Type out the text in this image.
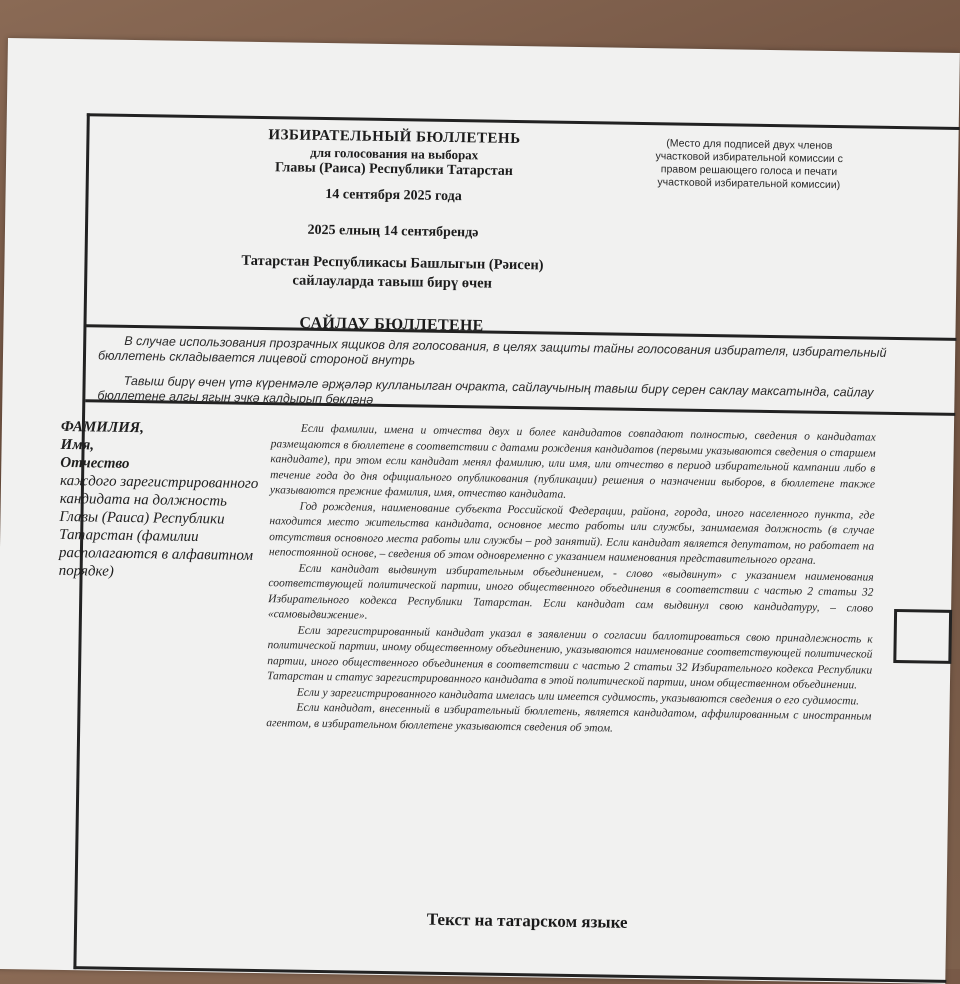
ИЗБИРАТЕЛЬНЫЙ БЮЛЛЕТЕНЬ
для голосования на выборах
Главы (Раиса) Республики Татарстан
14 сентября 2025 года
2025 елның 14 сентябрендә
Татарстан Республикасы Башлыгын (Рәисен)
сайлауларда тавыш бирү өчен
САЙЛАУ БЮЛЛЕТЕНЕ
(Место для подписей двух членов участковой избирательной комиссии с правом решающего голоса и печати участковой избирательной комиссии)

В случае использования прозрачных ящиков для голосования, в целях защиты тайны голосования избирателя, избирательный бюллетень складывается лицевой стороной внутрь

Тавыш бирү өчен үтә күренмәле әрҗәләр кулланылган очракта, сайлаучының тавыш бирү серен саклау максатында, сайлау бюллетене алгы ягын эчкә калдырып бөкләнә

ФАМИЛИЯ,
Имя,
Отчество
каждого зарегистрированного кандидата на должность Главы (Раиса) Республики Татарстан (фамилии располагаются в алфавитном порядке)

Если фамилии, имена и отчества двух и более кандидатов совпадают полностью, сведения о кандидатах размещаются в бюллетене в соответствии с датами рождения кандидатов (первыми указываются сведения о старшем кандидате), при этом если кандидат менял фамилию, или имя, или отчество в период избирательной кампании либо в течение года до дня официального опубликования (публикации) решения о назначении выборов, в бюллетене также указываются прежние фамилия, имя, отчество кандидата.

Год рождения, наименование субъекта Российской Федерации, района, города, иного населенного пункта, где находится место жительства кандидата, основное место работы или службы, занимаемая должность (в случае отсутствия основного места работы или службы – род занятий). Если кандидат является депутатом, но работает на непостоянной основе, – сведения об этом одновременно с указанием наименования представительного органа.

Если кандидат выдвинут избирательным объединением, - слово «выдвинут» с указанием наименования соответствующей политической партии, иного общественного объединения в соответствии с частью 2 статьи 32 Избирательного кодекса Республики Татарстан. Если кандидат сам выдвинул свою кандидатуру, – слово «самовыдвижение».

Если зарегистрированный кандидат указал в заявлении о согласии баллотироваться свою принадлежность к политической партии, иному общественному объединению, указываются наименование соответствующей политической партии, иного общественного объединения в соответствии с частью 2 статьи 32 Избирательного кодекса Республики Татарстан и статус зарегистрированного кандидата в этой политической партии, ином общественном объединении.

Если у зарегистрированного кандидата имелась или имеется судимость, указываются сведения о его судимости.

Если кандидат, внесенный в избирательный бюллетень, является кандидатом, аффилированным с иностранным агентом, в избирательном бюллетене указываются сведения об этом.

Текст на татарском языке
